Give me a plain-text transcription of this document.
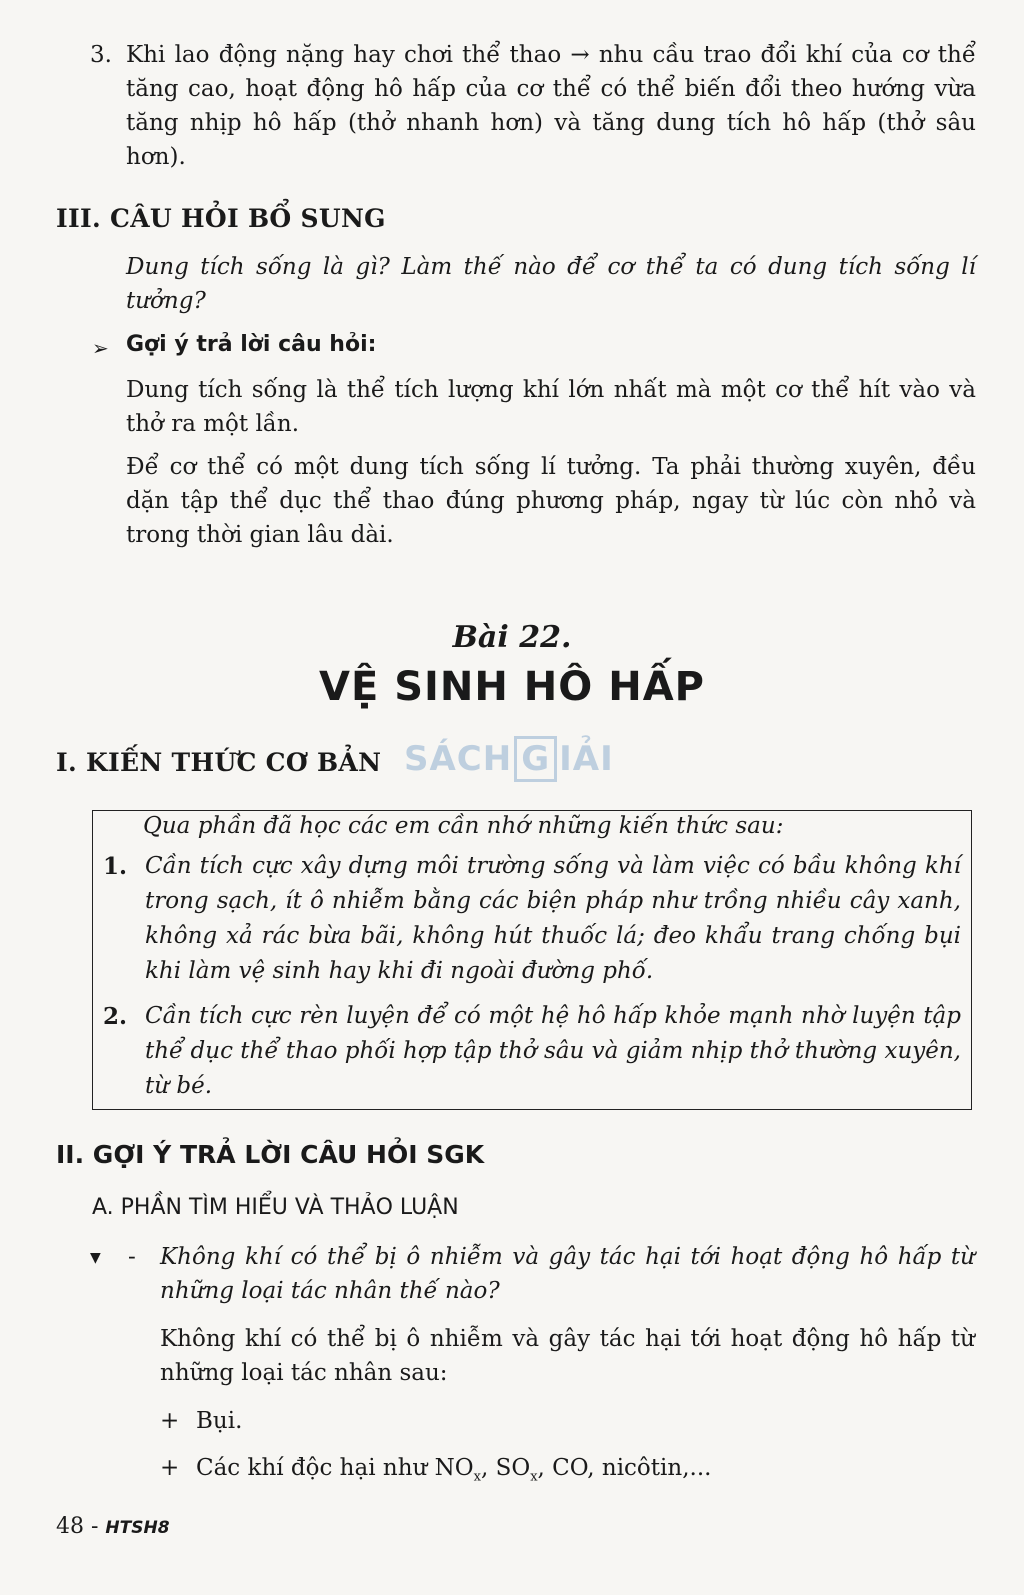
3. Khi lao động nặng hay chơi thể thao → nhu cầu trao đổi khí của cơ thể tăng cao, hoạt động hô hấp của cơ thể có thể biến đổi theo hướng vừa tăng nhịp hô hấp (thở nhanh hơn) và tăng dung tích hô hấp (thở sâu hơn).
III. CÂU HỎI BỔ SUNG
Dung tích sống là gì? Làm thế nào để cơ thể ta có dung tích sống lí tưởng?
➢ Gợi ý trả lời câu hỏi:
Dung tích sống là thể tích lượng khí lớn nhất mà một cơ thể hít vào và thở ra một lần.
Để cơ thể có một dung tích sống lí tưởng. Ta phải thường xuyên, đều dặn tập thể dục thể thao đúng phương pháp, ngay từ lúc còn nhỏ và trong thời gian lâu dài.
Bài 22.
VỆ SINH HÔ HẤP
I. KIẾN THỨC CƠ BẢN SÁCH G IẢI
Qua phần đã học các em cần nhớ những kiến thức sau:
1. Cần tích cực xây dựng môi trường sống và làm việc có bầu không khí trong sạch, ít ô nhiễm bằng các biện pháp như trồng nhiều cây xanh, không xả rác bừa bãi, không hút thuốc lá; đeo khẩu trang chống bụi khi làm vệ sinh hay khi đi ngoài đường phố.
2. Cần tích cực rèn luyện để có một hệ hô hấp khỏe mạnh nhờ luyện tập thể dục thể thao phối hợp tập thở sâu và giảm nhịp thở thường xuyên, từ bé.
II. GỢI Ý TRẢ LỜI CÂU HỎI SGK
A. PHẦN TÌM HIỂU VÀ THẢO LUẬN
▼ - Không khí có thể bị ô nhiễm và gây tác hại tới hoạt động hô hấp từ những loại tác nhân thế nào?
Không khí có thể bị ô nhiễm và gây tác hại tới hoạt động hô hấp từ những loại tác nhân sau:
+ Bụi.
+ Các khí độc hại như $NO_x$, $SO_x$, CO, nicôtin,...
48 - HTSH8
